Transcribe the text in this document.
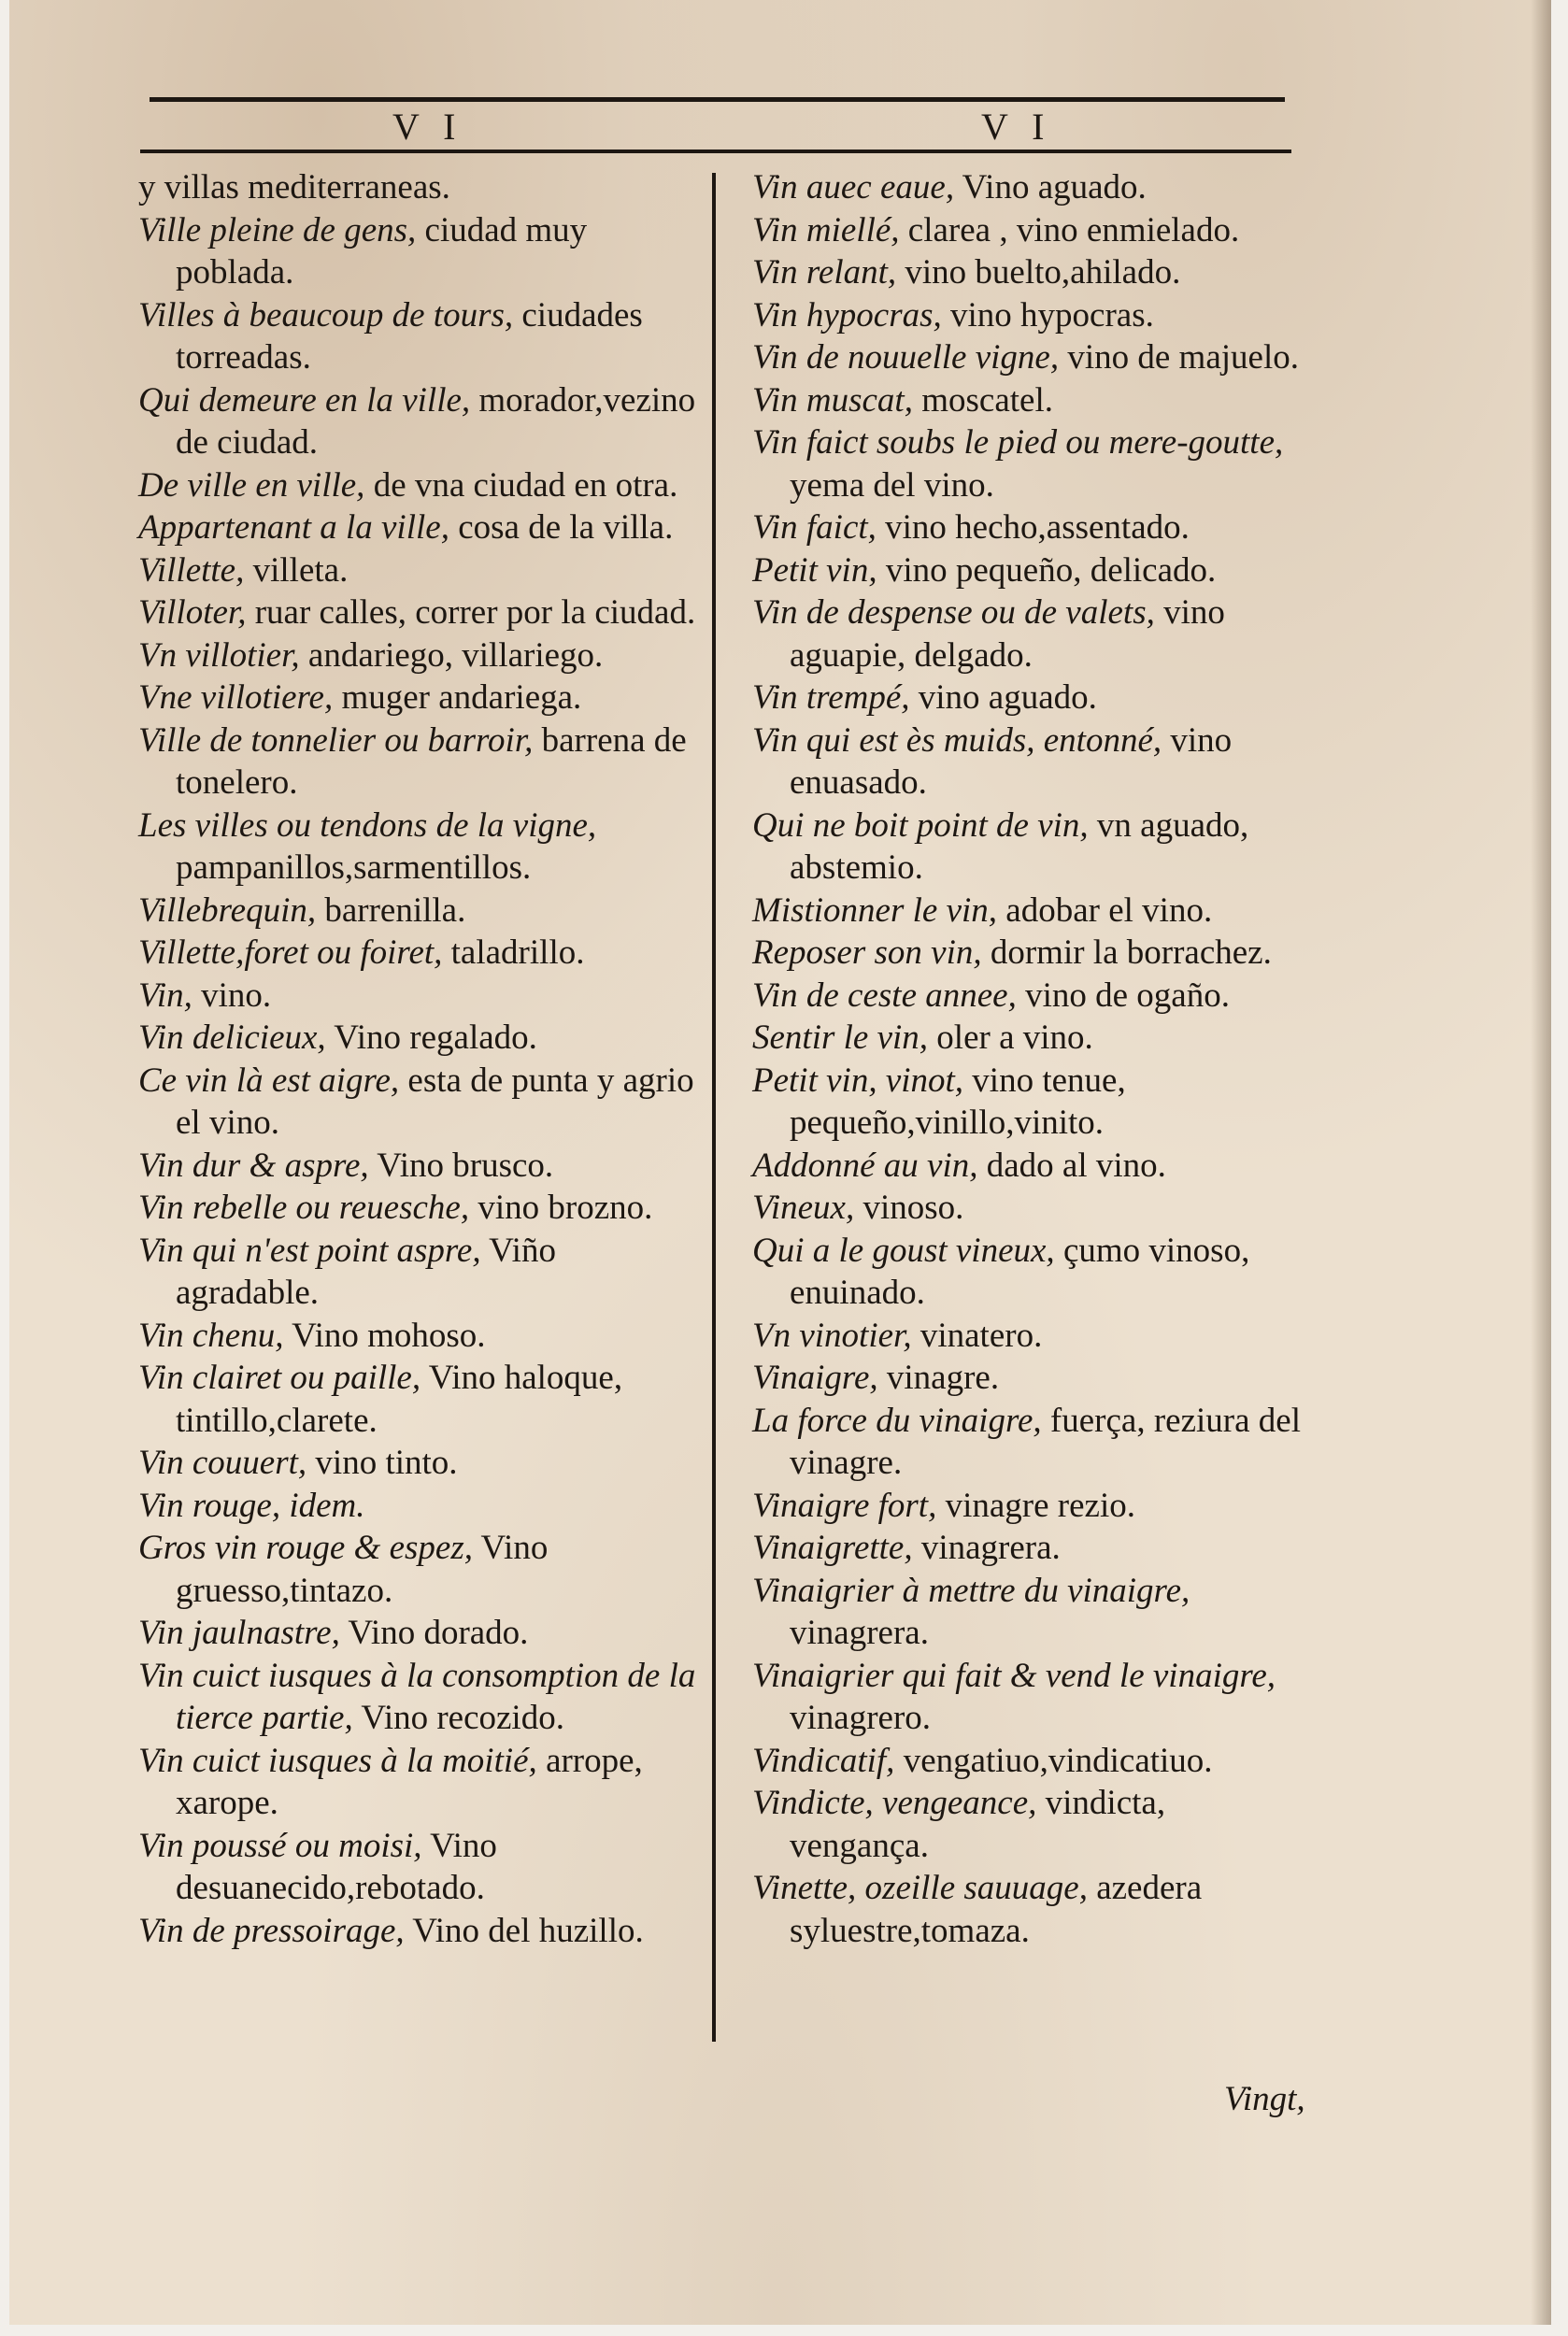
V I	V I

y villas mediterraneas.

Ville pleine de gens, ciudad muy poblada.

Villes à beaucoup de tours, ciudades torreadas.

Qui demeure en la ville, morador,vezino de ciudad.

De ville en ville, de vna ciudad en otra.

Appartenant a la ville, cosa de la villa.

Villette, villeta.

Villoter, ruar calles, correr por la ciudad.

Vn villotier, andariego, villariego.

Vne villotiere, muger andariega.

Ville de tonnelier ou barroir, barrena de tonelero.

Les villes ou tendons de la vigne, pampanillos,sarmentillos.

Villebrequin, barrenilla.

Villette,foret ou foiret, taladrillo.

Vin, vino.

Vin delicieux, Vino regalado.

Ce vin là est aigre, esta de punta y agrio el vino.

Vin dur & aspre, Vino brusco.

Vin rebelle ou reuesche, vino brozno.

Vin qui n'est point aspre, Viño agradable.

Vin chenu, Vino mohoso.

Vin clairet ou paille, Vino haloque, tintillo,clarete.

Vin couuert, vino tinto.

Vin rouge, idem.

Gros vin rouge & espez, Vino gruesso,tintazo.

Vin jaulnastre, Vino dorado.

Vin cuict iusques à la consomption de la tierce partie, Vino recozido.

Vin cuict iusques à la moitié, arrope, xarope.

Vin poussé ou moisi, Vino desuanecido,rebotado.

Vin de pressoirage, Vino del huzillo.

Vin auec eaue, Vino aguado.

Vin miellé, clarea , vino enmielado.

Vin relant, vino buelto,ahilado.

Vin hypocras, vino hypocras.

Vin de nouuelle vigne, vino de majuelo.

Vin muscat, moscatel.

Vin faict soubs le pied ou mere-goutte, yema del vino.

Vin faict, vino hecho,assentado.

Petit vin, vino pequeño, delicado.

Vin de despense ou de valets, vino aguapie, delgado.

Vin trempé, vino aguado.

Vin qui est ès muids, entonné, vino enuasado.

Qui ne boit point de vin, vn aguado, abstemio.

Mistionner le vin, adobar el vino.

Reposer son vin, dormir la borrachez.

Vin de ceste annee, vino de ogaño.

Sentir le vin, oler a vino.

Petit vin, vinot, vino tenue, pequeño,vinillo,vinito.

Addonné au vin, dado al vino.

Vineux, vinoso.

Qui a le goust vineux, çumo vinoso, enuinado.

Vn vinotier, vinatero.

Vinaigre, vinagre.

La force du vinaigre, fuerça, reziura del vinagre.

Vinaigre fort, vinagre rezio.

Vinaigrette, vinagrera.

Vinaigrier à mettre du vinaigre, vinagrera.

Vinaigrier qui fait & vend le vinaigre, vinagrero.

Vindicatif, vengatiuo,vindicatiuo.

Vindicte, vengeance, vindicta, vengança.

Vinette, ozeille sauuage, azedera syluestre,tomaza.

Vingt,
